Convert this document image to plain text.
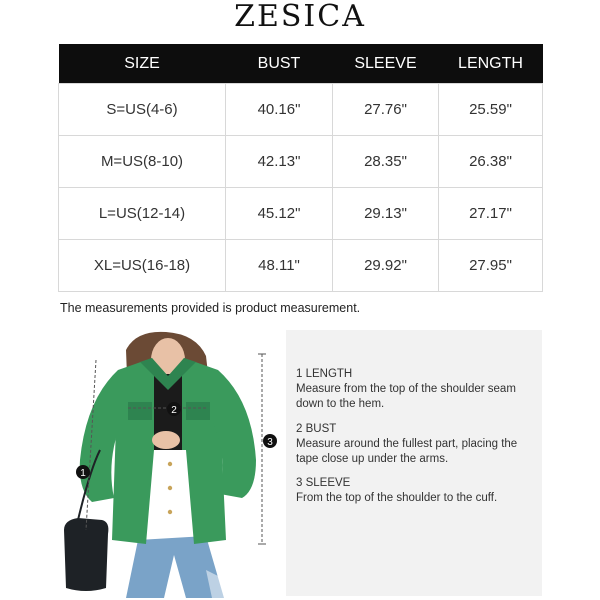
ZESICA
SIZE	BUST	SLEEVE	LENGTH
S=US(4-6)	40.16"	27.76"	25.59"
M=US(8-10)	42.13"	28.35"	26.38"
L=US(12-14)	45.12"	29.13"	27.17"
XL=US(16-18)	48.11"	29.92"	27.95"
The measurements provided is product measurement.
1
2
3
1 LENGTH
Measure from the top of the shoulder seam down to the hem.
2 BUST
Measure around the fullest part, placing the tape close up under the arms.
3 SLEEVE
From the top of the shoulder to the cuff.
